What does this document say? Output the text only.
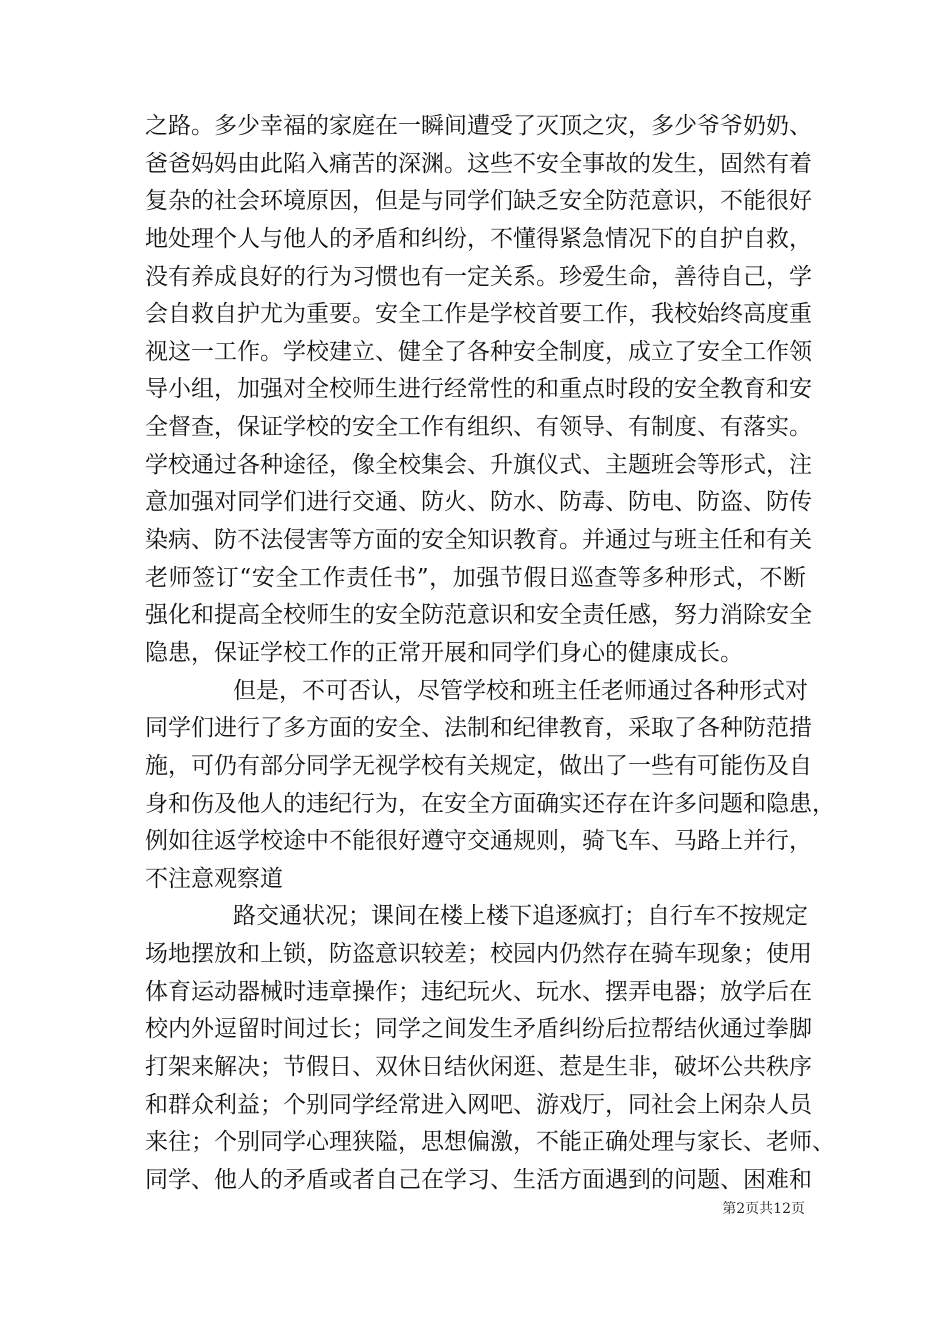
之路。多少幸福的家庭在一瞬间遭受了灭顶之灾，多少爷爷奶奶、
爸爸妈妈由此陷入痛苦的深渊。这些不安全事故的发生，固然有着
复杂的社会环境原因，但是与同学们缺乏安全防范意识，不能很好
地处理个人与他人的矛盾和纠纷，不懂得紧急情况下的自护自救，
没有养成良好的行为习惯也有一定关系。珍爱生命，善待自己，学
会自救自护尤为重要。安全工作是学校首要工作，我校始终高度重
视这一工作。学校建立、健全了各种安全制度，成立了安全工作领
导小组，加强对全校师生进行经常性的和重点时段的安全教育和安
全督查，保证学校的安全工作有组织、有领导、有制度、有落实。
学校通过各种途径，像全校集会、升旗仪式、主题班会等形式，注
意加强对同学们进行交通、防火、防水、防毒、防电、防盗、防传
染病、防不法侵害等方面的安全知识教育。并通过与班主任和有关
老师签订“安全工作责任书”，加强节假日巡查等多种形式，不断
强化和提高全校师生的安全防范意识和安全责任感，努力消除安全
隐患，保证学校工作的正常开展和同学们身心的健康成长。
但是，不可否认，尽管学校和班主任老师通过各种形式对
同学们进行了多方面的安全、法制和纪律教育，采取了各种防范措
施，可仍有部分同学无视学校有关规定，做出了一些有可能伤及自
身和伤及他人的违纪行为，在安全方面确实还存在许多问题和隐患，
例如往返学校途中不能很好遵守交通规则，骑飞车、马路上并行，
不注意观察道
路交通状况；课间在楼上楼下追逐疯打；自行车不按规定
场地摆放和上锁，防盗意识较差；校园内仍然存在骑车现象；使用
体育运动器械时违章操作；违纪玩火、玩水、摆弄电器；放学后在
校内外逗留时间过长；同学之间发生矛盾纠纷后拉帮结伙通过拳脚
打架来解决；节假日、双休日结伙闲逛、惹是生非，破坏公共秩序
和群众利益；个别同学经常进入网吧、游戏厅，同社会上闲杂人员
来往；个别同学心理狭隘，思想偏激，不能正确处理与家长、老师、
同学、他人的矛盾或者自己在学习、生活方面遇到的问题、困难和
第2页共12页
